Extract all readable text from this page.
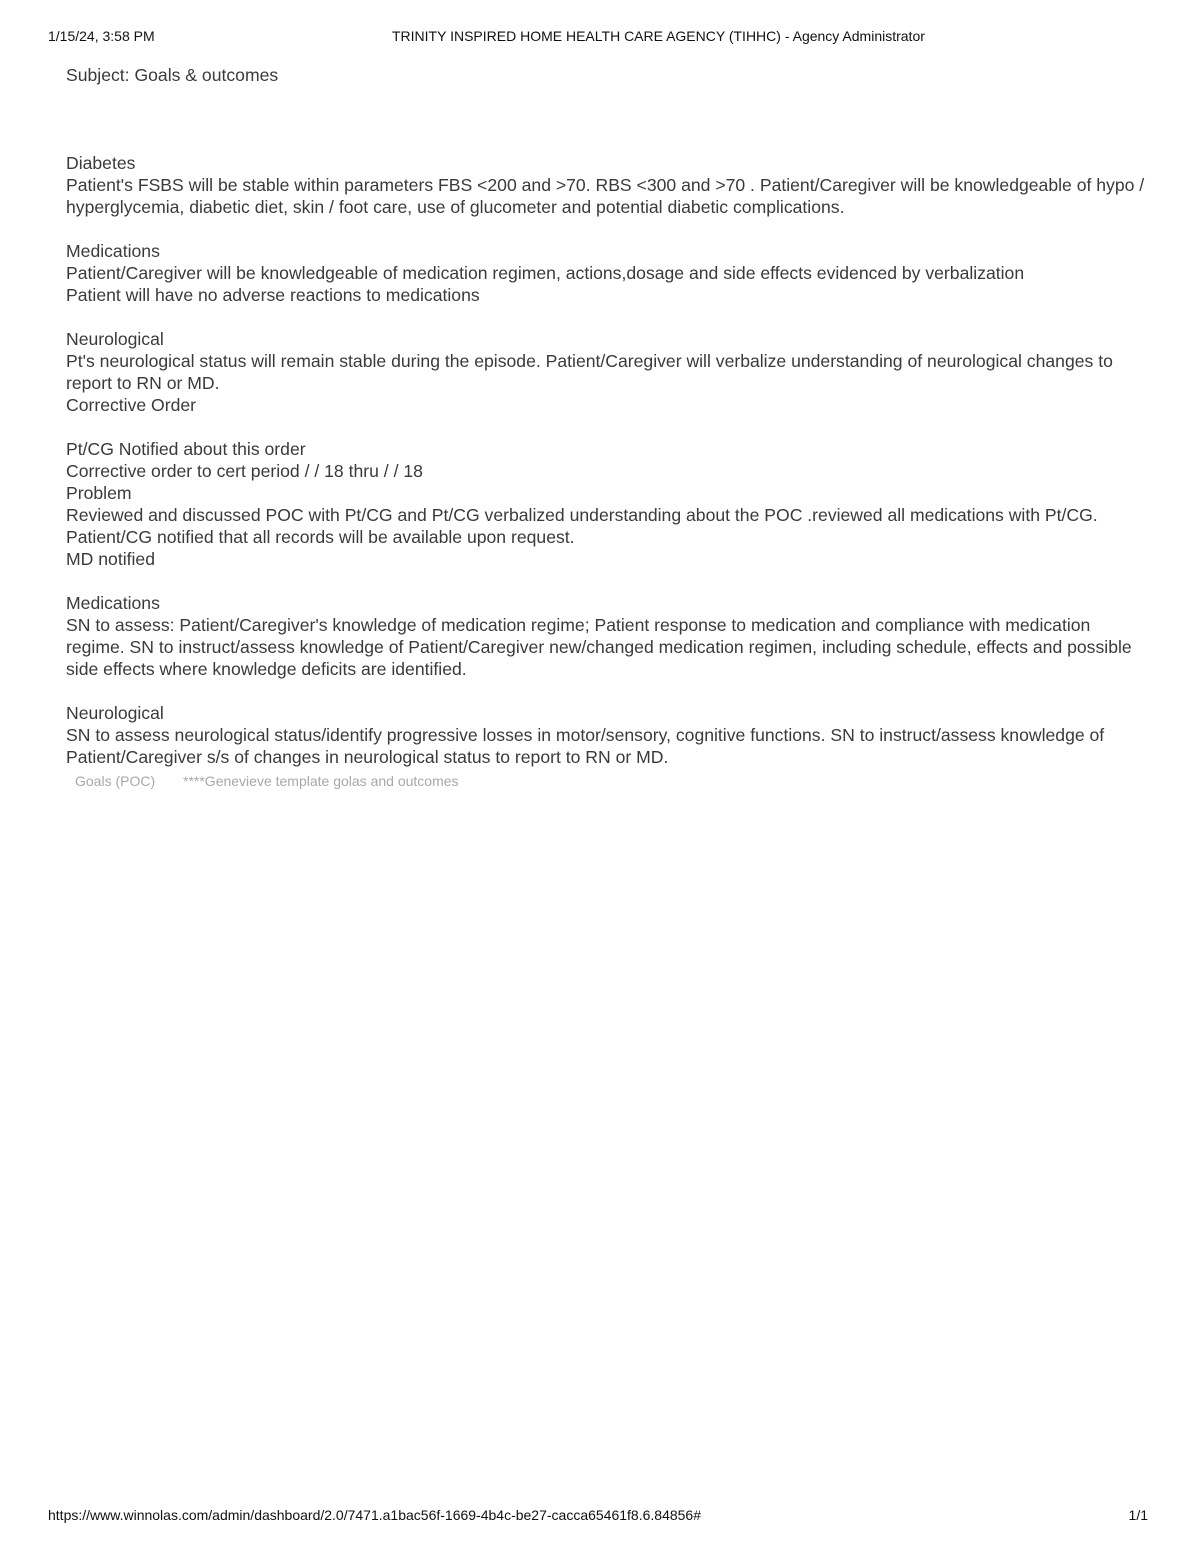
1/15/24, 3:58 PM	TRINITY INSPIRED HOME HEALTH CARE AGENCY (TIHHC) - Agency Administrator
Subject: Goals & outcomes

Diabetes

Patient's FSBS will be stable within parameters FBS <200 and >70. RBS <300 and >70 . Patient/Caregiver will be knowledgeable of hypo / hyperglycemia, diabetic diet, skin / foot care, use of glucometer and potential diabetic complications.

Medications

Patient/Caregiver will be knowledgeable of medication regimen, actions,dosage and side effects evidenced by verbalization

Patient will have no adverse reactions to medications

Neurological

Pt's neurological status will remain stable during the episode. Patient/Caregiver will verbalize understanding of neurological changes to report to RN or MD.

Corrective Order

Pt/CG Notified about this order

Corrective order to cert period / / 18 thru / / 18

Problem

Reviewed and discussed POC with Pt/CG and Pt/CG verbalized understanding about the POC .reviewed all medications with Pt/CG. Patient/CG notified that all records will be available upon request.

MD notified

Medications

SN to assess: Patient/Caregiver's knowledge of medication regime; Patient response to medication and compliance with medication regime. SN to instruct/assess knowledge of Patient/Caregiver new/changed medication regimen, including schedule, effects and possible side effects where knowledge deficits are identified.

Neurological

SN to assess neurological status/identify progressive losses in motor/sensory, cognitive functions. SN to instruct/assess knowledge of Patient/Caregiver s/s of changes in neurological status to report to RN or MD.

Goals (POC) ****Genevieve template golas and outcomes
https://www.winnolas.com/admin/dashboard/2.0/7471.a1bac56f-1669-4b4c-be27-cacca65461f8.6.84856#	1/1
